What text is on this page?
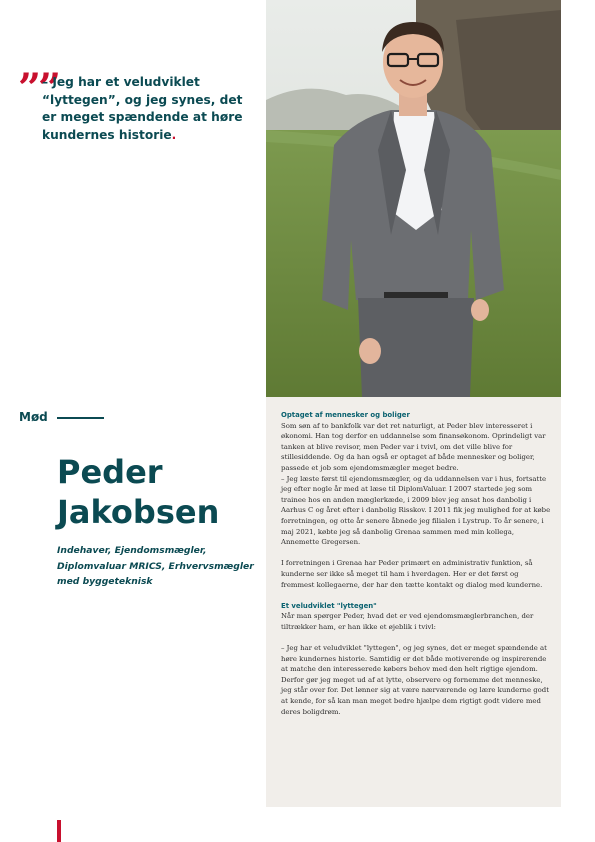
””
– Jeg har et veludviklet “lyttegen”, og jeg synes, det er meget spændende at høre kundernes historie.
Mød
Peder
Jakobsen
Indehaver, Ejendomsmægler, Diplomvaluar MRICS, Erhvervsmægler med byggeteknisk

Optaget af mennesker og boliger

Som søn af to bankfolk var det ret naturligt, at Peder blev interesseret i økonomi. Han tog derfor en uddannelse som finansøkonom. Oprindeligt var tanken at blive revisor, men Peder var i tvivl, om det ville blive for stillesiddende. Og da han også er optaget af både mennesker og boliger, passede et job som ejendomsmægler meget bedre.

– Jeg læste først til ejendomsmægler, og da uddannelsen var i hus, fortsatte jeg efter nogle år med at læse til DiplomValuar. I 2007 startede jeg som trainee hos en anden mæglerkæde, i 2009 blev jeg ansat hos danbolig i Aarhus C og året efter i danbolig Risskov. I 2011 fik jeg mulighed for at købe forretningen, og otte år senere åbnede jeg filialen i Lystrup. To år senere, i maj 2021, købte jeg så danbolig Grenaa sammen med min kollega, Annemette Gregersen.

I forretningen i Grenaa har Peder primært en administrativ funktion, så kunderne ser ikke så meget til ham i hverdagen. Her er det først og fremmest kollegaerne, der har den tætte kontakt og dialog med kunderne.

Et veludviklet "lyttegen"

Når man spørger Peder, hvad det er ved ejendomsmæglerbranchen, der tiltrækker ham, er han ikke et øjeblik i tvivl:

– Jeg har et veludviklet "lyttegen", og jeg synes, det er meget spændende at høre kundernes historie. Samtidig er det både motiverende og inspirerende at matche den interesserede købers behov med den helt rigtige ejendom. Derfor gør jeg meget ud af at lytte, observere og fornemme det menneske, jeg står over for. Det lønner sig at være nærværende og lære kunderne godt at kende, for så kan man meget bedre hjælpe dem rigtigt godt videre med deres boligdrøm.
